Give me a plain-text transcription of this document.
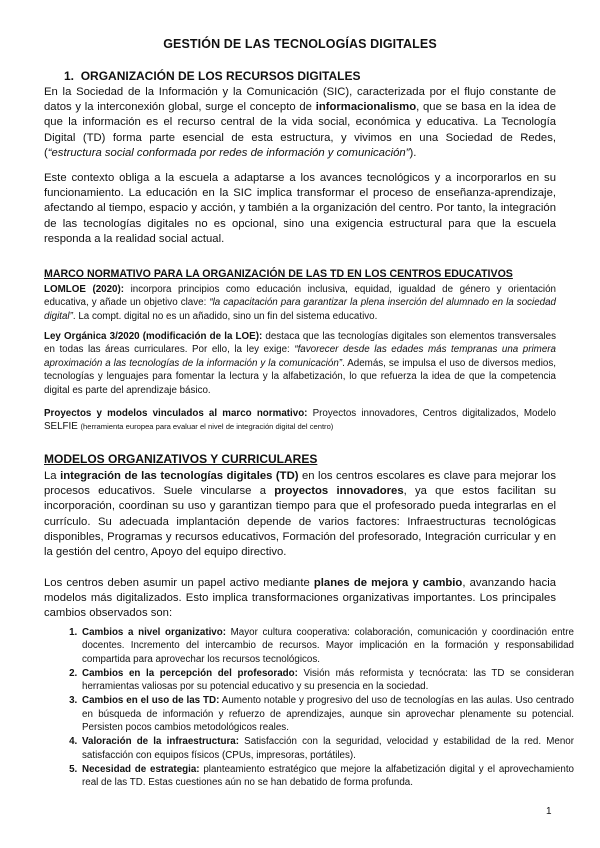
GESTIÓN DE LAS TECNOLOGÍAS DIGITALES
1. ORGANIZACIÓN DE LOS RECURSOS DIGITALES

En la Sociedad de la Información y la Comunicación (SIC), caracterizada por el flujo constante de datos y la interconexión global, surge el concepto de informacionalismo, que se basa en la idea de que la información es el recurso central de la vida social, económica y educativa. La Tecnología Digital (TD) forma parte esencial de esta estructura, y vivimos en una Sociedad de Redes, (“estructura social conformada por redes de información y comunicación”).

Este contexto obliga a la escuela a adaptarse a los avances tecnológicos y a incorporarlos en su funcionamiento. La educación en la SIC implica transformar el proceso de enseñanza-aprendizaje, afectando al tiempo, espacio y acción, y también a la organización del centro. Por tanto, la integración de las tecnologías digitales no es opcional, sino una exigencia estructural para que la escuela responda a la realidad social actual.

MARCO NORMATIVO PARA LA ORGANIZACIÓN DE LAS TD EN LOS CENTROS EDUCATIVOS

LOMLOE (2020): incorpora principios como educación inclusiva, equidad, igualdad de género y orientación educativa, y añade un objetivo clave: “la capacitación para garantizar la plena inserción del alumnado en la sociedad digital”. La compt. digital no es un añadido, sino un fin del sistema educativo.

Ley Orgánica 3/2020 (modificación de la LOE): destaca que las tecnologías digitales son elementos transversales en todas las áreas curriculares. Por ello, la ley exige: “favorecer desde las edades más tempranas una primera aproximación a las tecnologías de la información y la comunicación”. Además, se impulsa el uso de diversos medios, tecnologías y lenguajes para fomentar la lectura y la alfabetización, lo que refuerza la idea de que la competencia digital es parte del aprendizaje básico.

Proyectos y modelos vinculados al marco normativo: Proyectos innovadores, Centros digitalizados, Modelo SELFIE (herramienta europea para evaluar el nivel de integración digital del centro)

MODELOS ORGANIZATIVOS Y CURRICULARES

La integración de las tecnologías digitales (TD) en los centros escolares es clave para mejorar los procesos educativos. Suele vincularse a proyectos innovadores, ya que estos facilitan su incorporación, coordinan su uso y garantizan tiempo para que el profesorado pueda integrarlas en el currículo. Su adecuada implantación depende de varios factores: Infraestructuras tecnológicas disponibles, Programas y recursos educativos, Formación del profesorado, Integración curricular y en la gestión del centro, Apoyo del equipo directivo.

Los centros deben asumir un papel activo mediante planes de mejora y cambio, avanzando hacia modelos más digitalizados. Esto implica transformaciones organizativas importantes. Los principales cambios observados son:

1. Cambios a nivel organizativo: Mayor cultura cooperativa: colaboración, comunicación y coordinación entre docentes. Incremento del intercambio de recursos. Mayor implicación en la formación y responsabilidad compartida para aprovechar los recursos tecnológicos.
2. Cambios en la percepción del profesorado: Visión más reformista y tecnócrata: las TD se consideran herramientas valiosas por su potencial educativo y su presencia en la sociedad.
3. Cambios en el uso de las TD: Aumento notable y progresivo del uso de tecnologías en las aulas. Uso centrado en búsqueda de información y refuerzo de aprendizajes, aunque sin aprovechar plenamente su potencial. Persisten pocos cambios metodológicos reales.
4. Valoración de la infraestructura: Satisfacción con la seguridad, velocidad y estabilidad de la red. Menor satisfacción con equipos físicos (CPUs, impresoras, portátiles).
5. Necesidad de estrategia: planteamiento estratégico que mejore la alfabetización digital y el aprovechamiento real de las TD. Estas cuestiones aún no se han debatido de forma profunda.
1
